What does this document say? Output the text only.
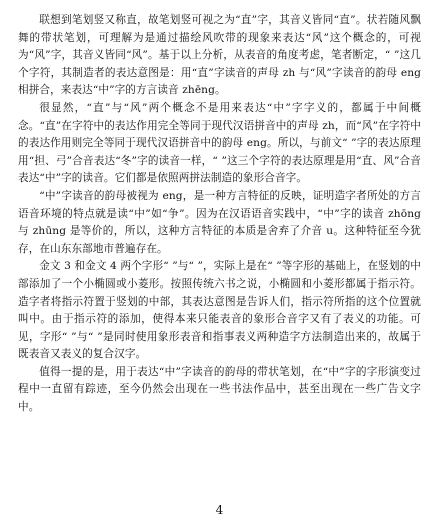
联想到笔划竖又称直，故笔划竖可视之为“直”字，其音义皆同“直”。状若随风飘舞的带状笔划，可理解为是通过描绘风吹带的现象来表达“风”这个概念的，可视为“风”字，其音义皆同“风”。基于以上分析，从表音的角度考虑，笔者断定，“ ”这几个字符，其制造者的表达意图是：用“直”字读音的声母 zh 与“风”字读音的韵母 eng 相拼合，来表达“中”字的方言读音 zhēng。

很显然，“直”与“风”两个概念不是用来表达“中”字字义的，都属于中间概念。“直”在字符中的表达作用完全等同于现代汉语拼音中的声母 zh，而“风”在字符中的表达作用则完全等同于现代汉语拼音中的韵母 eng。所以，与前文“ ”字的表达原理用“担、弓”合音表达“冬”字的读音一样，“ ”这三个字符的表达原理是用“直、风”合音表达“中”字的读音。它们都是依照两拼法制造的象形合音字。

“中”字读音的韵母被视为 eng，是一种方言特征的反映，证明造字者所处的方言语音环境的特点就是读“中”如“争”。因为在汉语语音实践中，“中”字的读音 zhōng 与 zhūng 是等价的，所以，这种方言特征的本质是舍弃了介音 u。这种特征至今犹存，在山东东部地市普遍存在。

金文 3 和金文 4 两个字形“ ”与“ ”，实际上是在“ ”等字形的基础上，在竖划的中部添加了一个小椭圆或小菱形。按照传统六书之说，小椭圆和小菱形都属于指示符。造字者将指示符置于竖划的中部，其表达意图是告诉人们，指示符所指的这个位置就叫中。由于指示符的添加，使得本来只能表音的象形合音字又有了表义的功能。可见，字形“ ”与“ ”是同时使用象形表音和指事表义两种造字方法制造出来的，故属于既表音又表义的复合汉字。

值得一提的是，用于表达“中”字读音的韵母的带状笔划，在“中”字的字形演变过程中一直留有踪迹，至今仍然会出现在一些书法作品中，甚至出现在一些广告文字中。

4
